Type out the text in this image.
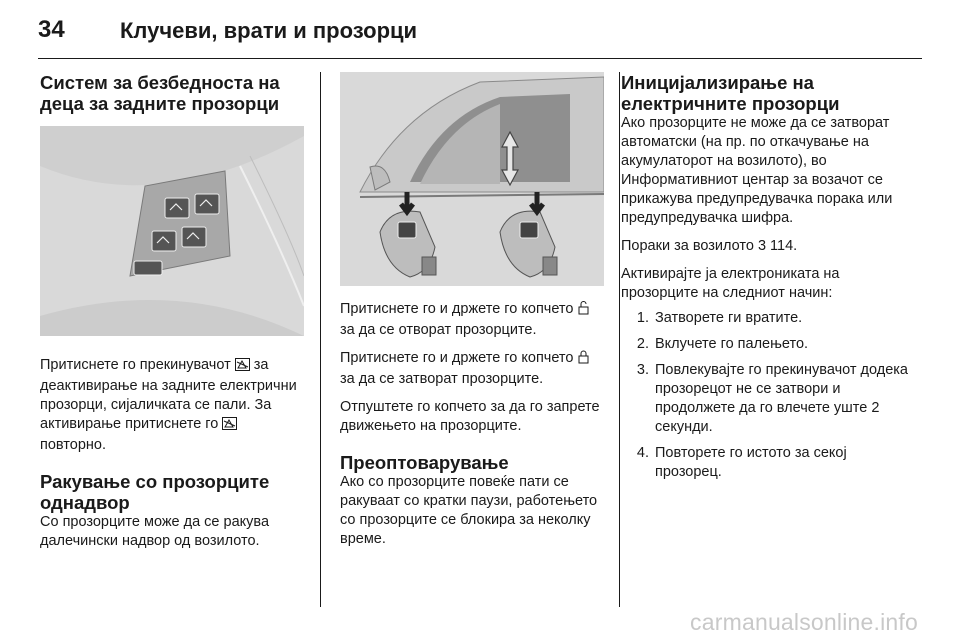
34	Клучеви, врати и прозорци
Систем за безбедноста на деца за задните прозорци

Притиснете го прекинувачот за деактивирање на задните електрични прозорци, сијаличката се пали. За активирање притиснете го  повторно.

Ракување со прозорците однадвор

Со прозорците може да се ракува далечински надвор од возилото.

Притиснете го и држете го копчето  за да се отворат прозорците.

Притиснете го и држете го копчето  за да се затворат прозорците.

Отпуштете го копчето за да го запрете движењето на прозорците.

Преоптоварување

Ако со прозорците повеќе пати се ракуваат со кратки паузи, работењето со прозорците се блокира за неколку време.

Иницијализирање на електричните прозорци

Ако прозорците не може да се затворат автоматски (на пр. по откачување на акумулаторот на возилото), во Информативниот центар за возачот се прикажува предупредувачка порака или предупредувачка шифра.

Пораки за возилото 3 114.

Активирајте ја електрониката на прозорците на следниот начин:

1. Затворете ги вратите.
2. Вклучете го палењето.
3. Повлекувајте го прекинувачот додека прозорецот не се затвори и продолжете да го влечете уште 2 секунди.
4. Повторете го истото за секој прозорец.
carmanualsonline.info
